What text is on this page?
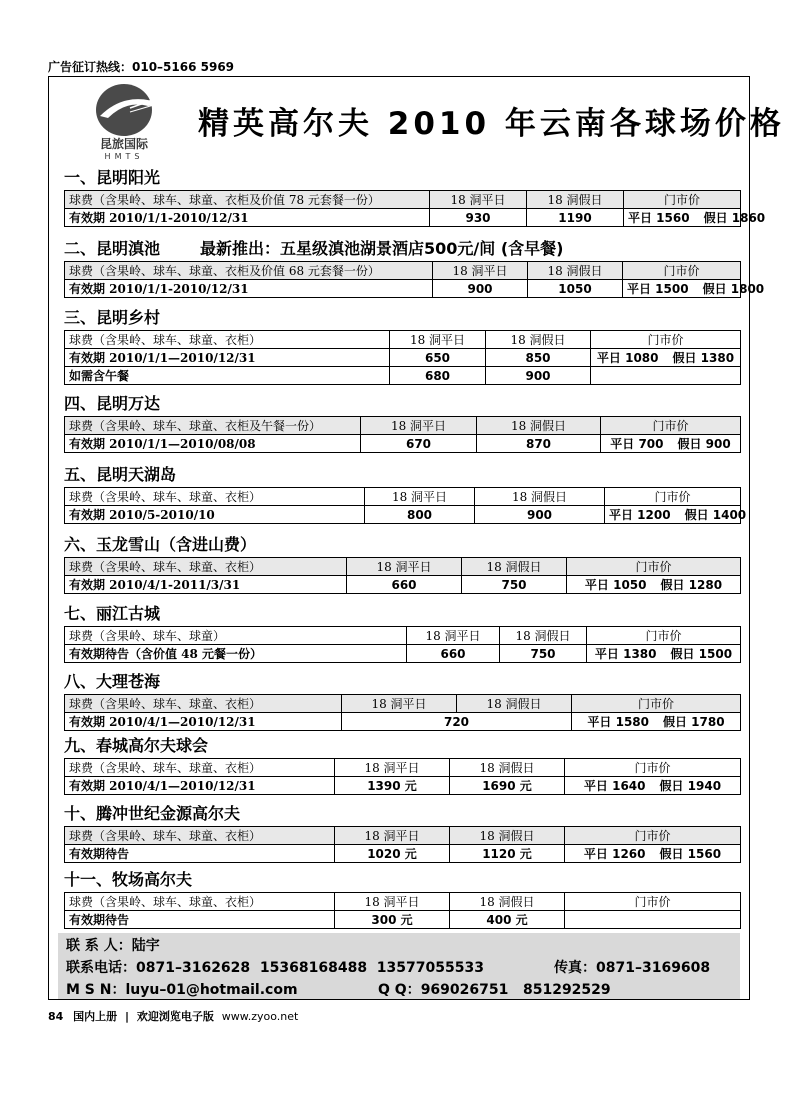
广告征订热线：010–5166 5969
昆旅国际
HMTS
精英高尔夫 2010 年云南各球场价格
一、昆明阳光
球费（含果岭、球车、球童、衣柜及价值 78 元套餐一份）	18 洞平日	18 洞假日	门市价
有效期 2010/1/1-2010/12/31	930	1190	平日 1560 假日 1860
二、昆明滇池	最新推出：五星级滇池湖景酒店500元/间 (含早餐)
球费（含果岭、球车、球童、衣柜及价值 68 元套餐一份）	18 洞平日	18 洞假日	门市价
有效期 2010/1/1-2010/12/31	900	1050	平日 1500 假日 1800
三、昆明乡村
球费（含果岭、球车、球童、衣柜）	18 洞平日	18 洞假日	门市价
有效期 2010/1/1—2010/12/31	650	850	平日 1080 假日 1380
如需含午餐	680	900	
四、昆明万达
球费（含果岭、球车、球童、衣柜及午餐一份）	18 洞平日	18 洞假日	门市价
有效期 2010/1/1—2010/08/08	670	870	平日 700 假日 900
五、昆明天湖岛
球费（含果岭、球车、球童、衣柜）	18 洞平日	18 洞假日	门市价
有效期 2010/5-2010/10	800	900	平日 1200 假日 1400
六、玉龙雪山（含进山费）
球费（含果岭、球车、球童、衣柜）	18 洞平日	18 洞假日	门市价
有效期 2010/4/1-2011/3/31	660	750	平日 1050 假日 1280
七、丽江古城
球费（含果岭、球车、球童）	18 洞平日	18 洞假日	门市价
有效期待告（含价值 48 元餐一份）	660	750	平日 1380 假日 1500
八、大理苍海
球费（含果岭、球车、球童、衣柜）	18 洞平日	18 洞假日	门市价
有效期 2010/4/1—2010/12/31	720		平日 1580 假日 1780
九、春城高尔夫球会
球费（含果岭、球车、球童、衣柜）	18 洞平日	18 洞假日	门市价
有效期 2010/4/1—2010/12/31	1390 元	1690 元	平日 1640 假日 1940
十、腾冲世纪金源高尔夫
球费（含果岭、球车、球童、衣柜）	18 洞平日	18 洞假日	门市价
有效期待告	1020 元	1120 元	平日 1260 假日 1560
十一、牧场高尔夫
球费（含果岭、球车、球童、衣柜）	18 洞平日	18 洞假日	门市价
有效期待告	300 元	400 元	
联 系 人：陆宇
联系电话：0871–3162628  15368168488  13577055533	传真：0871–3169608
M S N：luyu–01@hotmail.com	Q Q：969026751   851292529
84 国内上册 | 欢迎浏览电子版 www.zyoo.net
